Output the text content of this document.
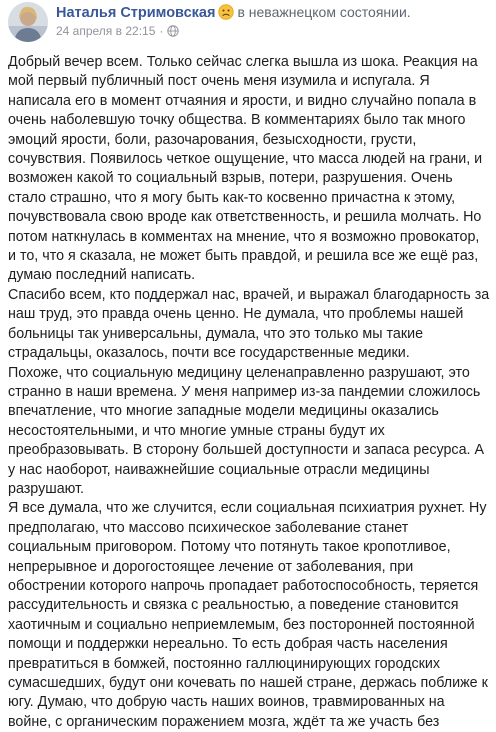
Наталья Стримовская в неважнецком состоянии.
24 апреля в 22:15 ·

Добрый вечер всем. Только сейчас слегка вышла из шока. Реакция на мой первый публичный пост очень меня изумила и испугала. Я написала его в момент отчаяния и ярости, и видно случайно попала в очень наболевшую точку общества. В комментариях было так много эмоций ярости, боли, разочарования, безысходности, грусти, сочувствия. Появилось четкое ощущение, что масса людей на грани, и возможен какой то социальный взрыв, потери, разрушения. Очень стало страшно, что я могу быть как-то косвенно причастна к этому, почувствовала свою вроде как ответственность, и решила молчать. Но потом наткнулась в комментах на мнение, что я возможно провокатор, и то, что я сказала, не может быть правдой, и решила все же ещё раз, думаю последний написать.

Спасибо всем, кто поддержал нас, врачей, и выражал благодарность за наш труд, это правда очень ценно. Не думала, что проблемы нашей больницы так универсальны, думала, что это только мы такие страдальцы, оказалось, почти все государственные медики.

Похоже, что социальную медицину целенаправленно разрушают, это странно в наши времена. У меня например из-за пандемии сложилось впечатление, что многие западные модели медицины оказались несостоятельными, и что многие умные страны будут их преобразовывать. В сторону большей доступности и запаса ресурса. А у нас наоборот, наиважнейшие социальные отрасли медицины разрушают.

Я все думала, что же случится, если социальная психиатрия рухнет. Ну предполагаю, что массово психическое заболевание станет социальным приговором. Потому что потянуть такое кропотливое, непрерывное и дорогостоящее лечение от заболевания, при обострении которого напрочь пропадает работоспособность, теряется рассудительность и связка с реальностью, а поведение становится хаотичным и социально неприемлемым, без посторонней постоянной помощи и поддержки нереально. То есть добрая часть населения превратиться в бомжей, постоянно галлюцинирующих городских сумасшедших, будут они кочевать по нашей стране, держась поближе к югу. Думаю, что добрую часть наших воинов, травмированных на войне, с органическим поражением мозга, ждёт та же участь без
